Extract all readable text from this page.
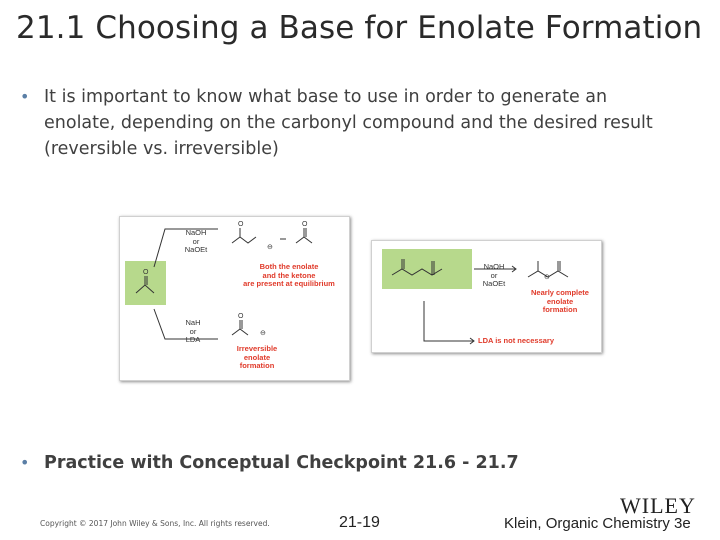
21.1 Choosing a Base for Enolate Formation
• It is important to know what base to use in order to generate an enolate, depending on the carbonyl compound and the desired result (reversible vs. irreversible)
O	O
O
O
⊖
⊖
NaOH
or
NaOEt
Both the enolate
and the ketone
are present at equilibrium
NaH
or
LDA
Irreversible
enolate
formation
⊖
NaOH
or
NaOEt
Nearly complete
enolate
formation
LDA is not necessary
• Practice with Conceptual Checkpoint 21.6 - 21.7
Copyright © 2017 John Wiley & Sons, Inc. All rights reserved.	21-19
WILEY
Klein, Organic Chemistry 3e
